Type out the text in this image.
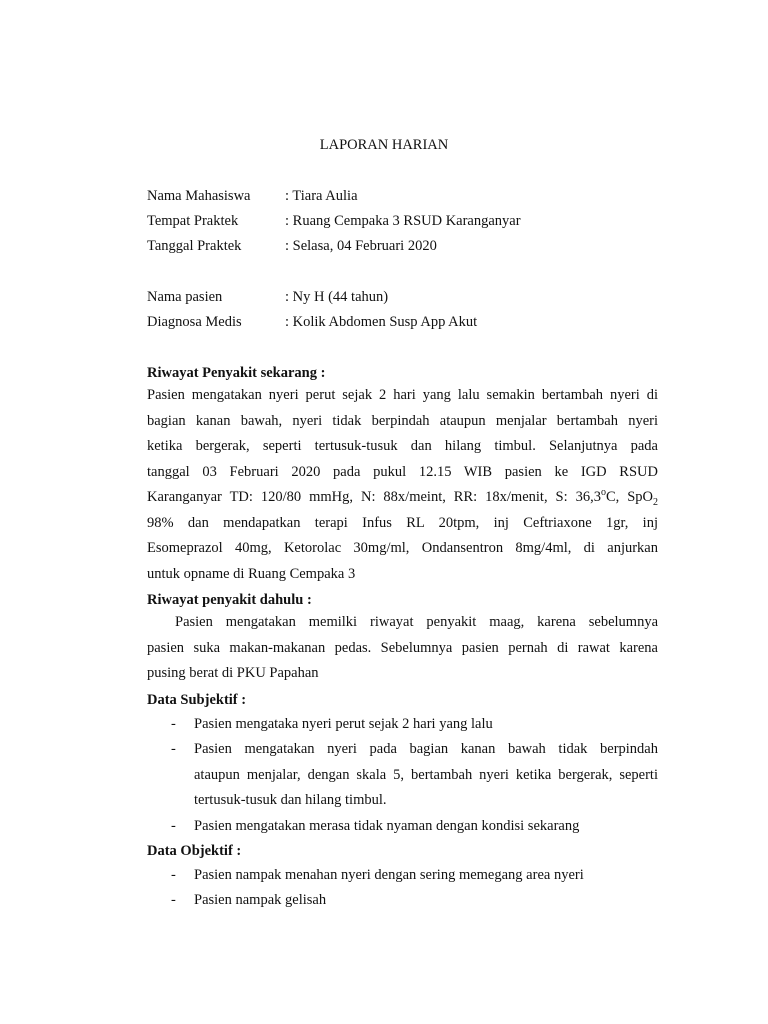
LAPORAN HARIAN
Nama Mahasiswa : Tiara Aulia
Tempat Praktek	: Ruang Cempaka 3 RSUD Karanganyar
Tanggal Praktek	: Selasa, 04 Februari 2020
Nama pasien	: Ny H (44 tahun)
Diagnosa Medis	: Kolik Abdomen Susp App Akut
Riwayat Penyakit sekarang :
Pasien mengatakan nyeri perut sejak 2 hari yang lalu semakin bertambah nyeri di
bagian kanan bawah, nyeri tidak berpindah ataupun menjalar bertambah nyeri
ketika bergerak, seperti tertusuk-tusuk dan hilang timbul. Selanjutnya pada
tanggal 03 Februari 2020 pada pukul 12.15 WIB pasien ke IGD RSUD
Karanganyar TD: 120/80 mmHg, N: 88x/meint, RR: 18x/menit, S: 36,3$^o$C, SpO$_2$
98% dan mendapatkan terapi Infus RL 20tpm, inj Ceftriaxone 1gr, inj
Esomeprazol 40mg, Ketorolac 30mg/ml, Ondansentron 8mg/4ml, di anjurkan
untuk opname di Ruang Cempaka 3
Riwayat penyakit dahulu :
Pasien mengatakan memilki riwayat penyakit maag, karena sebelumnya
pasien suka makan-makanan pedas. Sebelumnya pasien pernah di rawat karena
pusing berat di PKU Papahan
Data Subjektif :
- Pasien mengataka nyeri perut sejak 2 hari yang lalu
- Pasien mengatakan nyeri pada bagian kanan bawah tidak berpindah
ataupun menjalar, dengan skala 5, bertambah nyeri ketika bergerak, seperti
tertusuk-tusuk dan hilang timbul.
- Pasien mengatakan merasa tidak nyaman dengan kondisi sekarang
Data Objektif :
- Pasien nampak menahan nyeri dengan sering memegang area nyeri
- Pasien nampak gelisah
